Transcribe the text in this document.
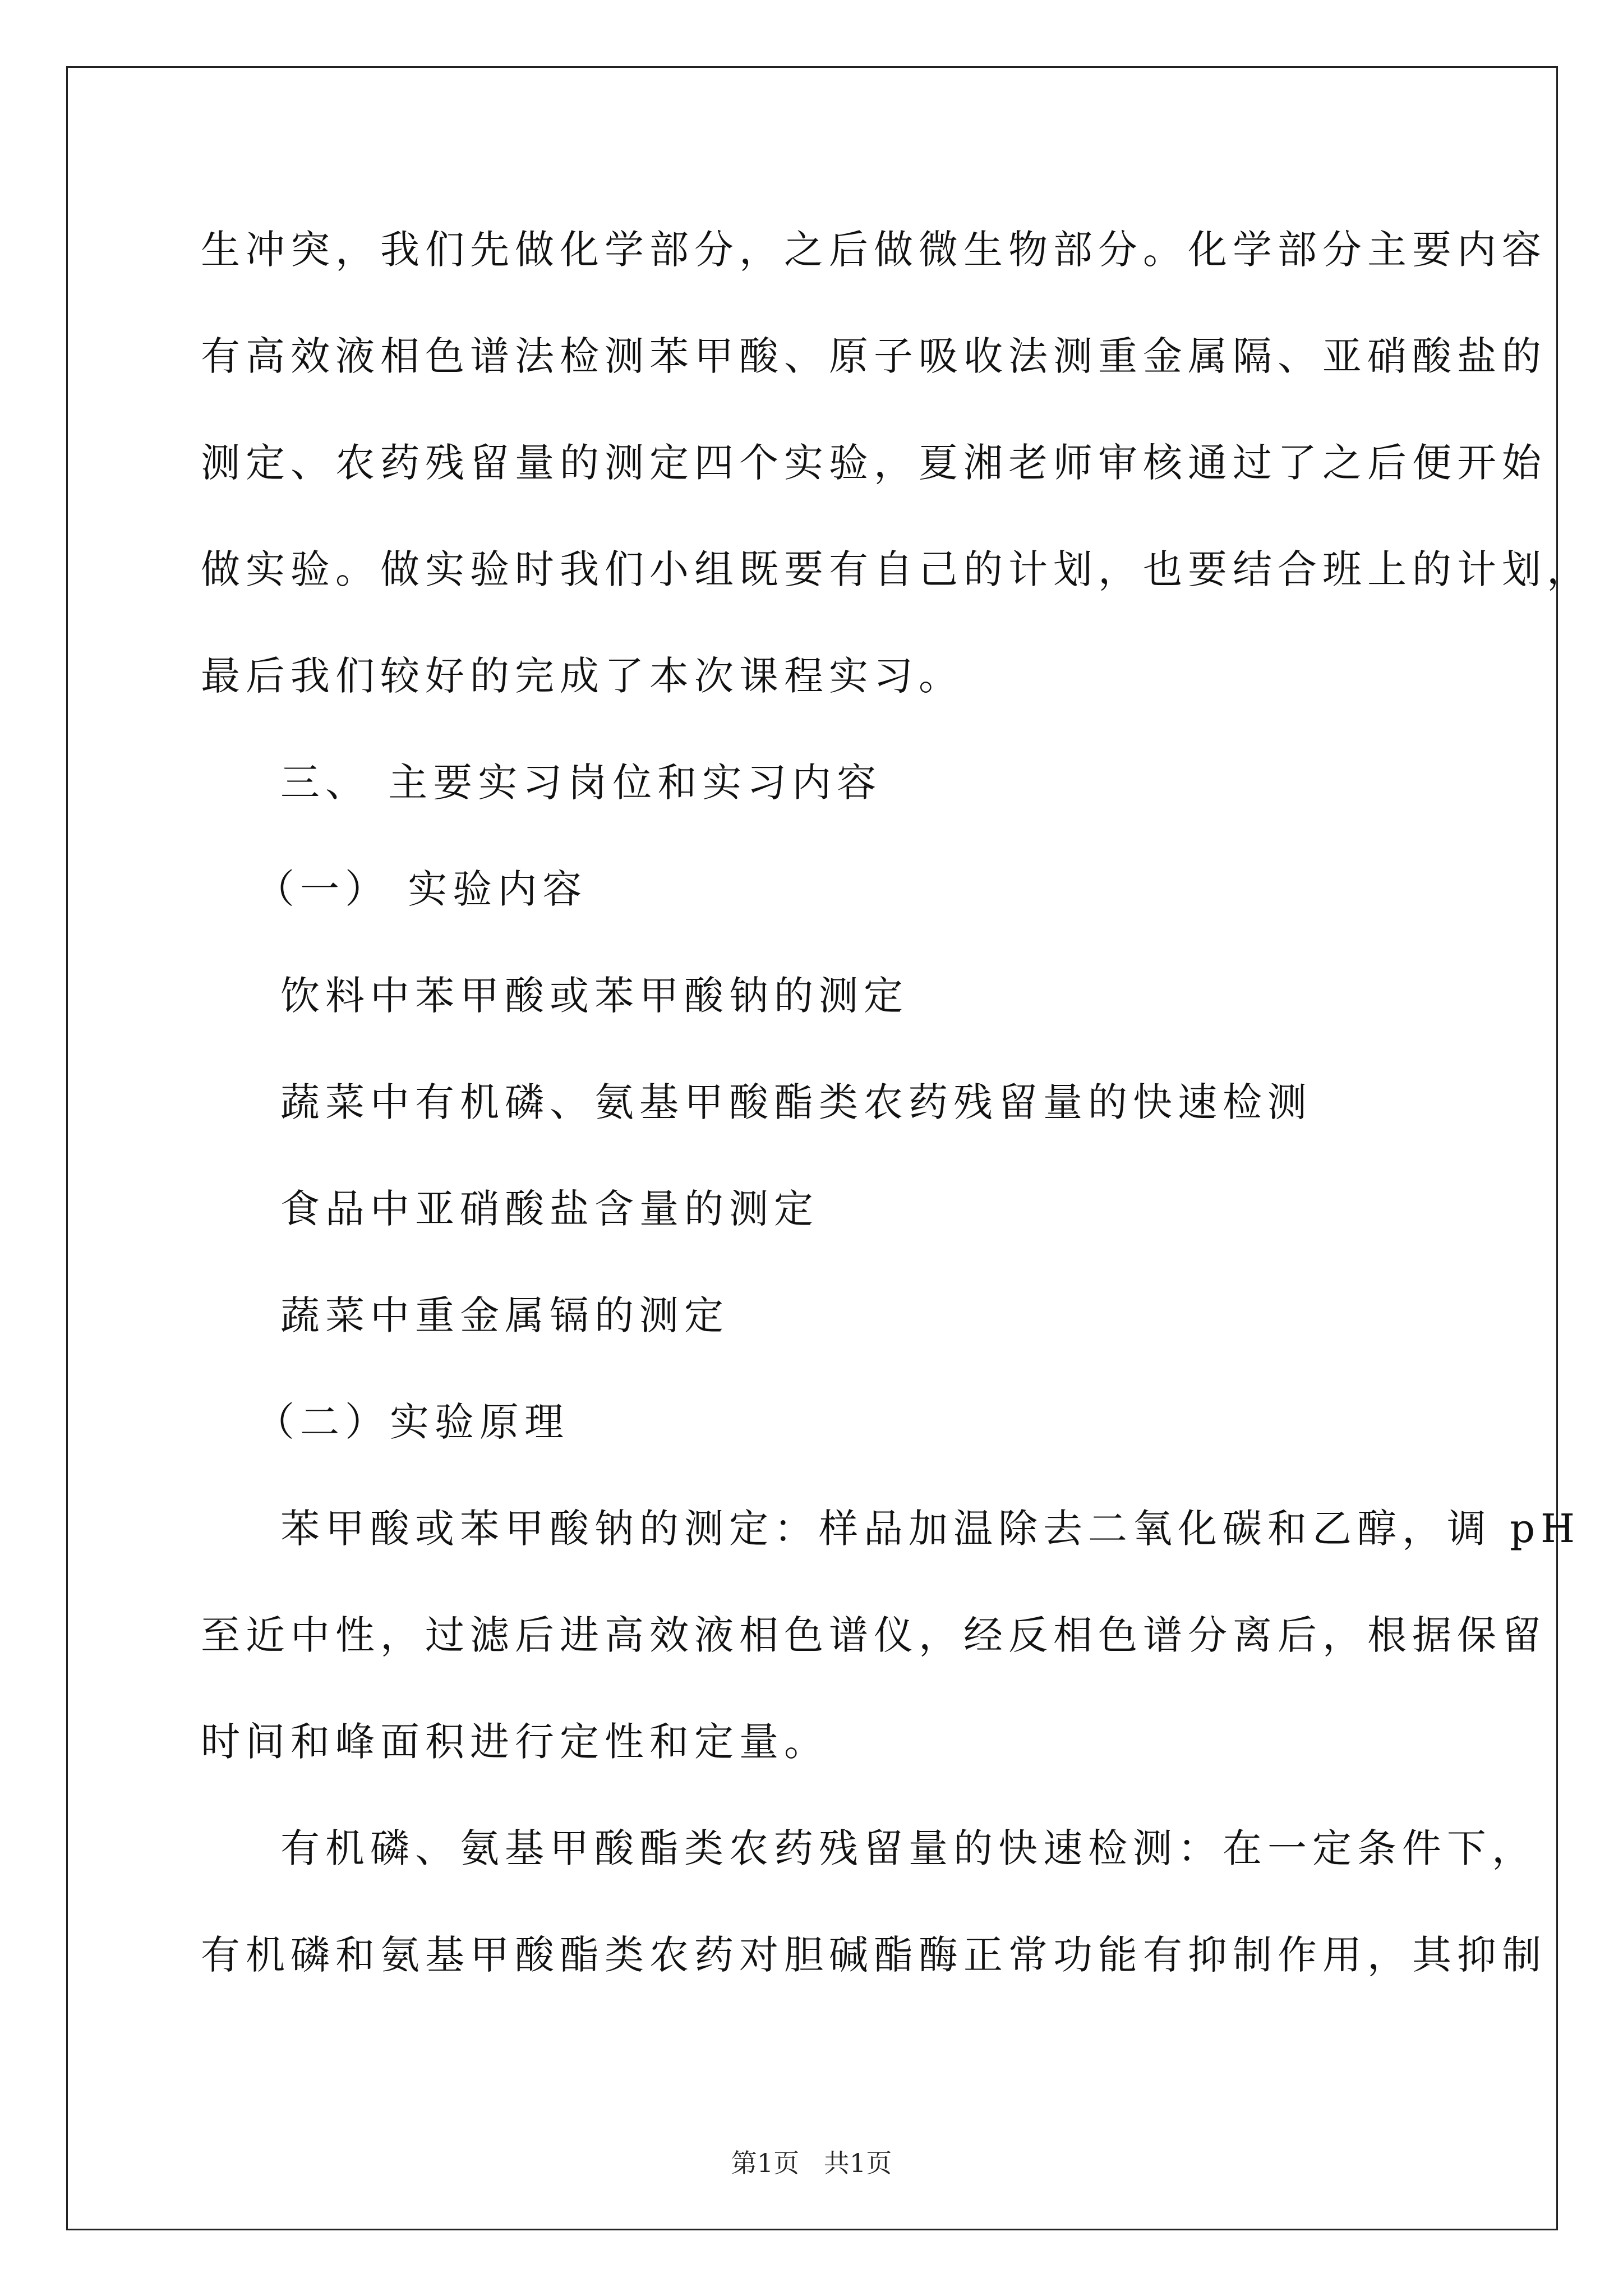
生冲突，我们先做化学部分，之后做微生物部分。化学部分主要内容
有高效液相色谱法检测苯甲酸、原子吸收法测重金属隔、亚硝酸盐的
测定、农药残留量的测定四个实验，夏湘老师审核通过了之后便开始
做实验。做实验时我们小组既要有自己的计划，也要结合班上的计划，
最后我们较好的完成了本次课程实习。
三、 主要实习岗位和实习内容
（一） 实验内容
饮料中苯甲酸或苯甲酸钠的测定
蔬菜中有机磷、氨基甲酸酯类农药残留量的快速检测
食品中亚硝酸盐含量的测定
蔬菜中重金属镉的测定
（二）实验原理
苯甲酸或苯甲酸钠的测定：样品加温除去二氧化碳和乙醇，调 pH
至近中性，过滤后进高效液相色谱仪，经反相色谱分离后，根据保留
时间和峰面积进行定性和定量。
有机磷、氨基甲酸酯类农药残留量的快速检测：在一定条件下，
有机磷和氨基甲酸酯类农药对胆碱酯酶正常功能有抑制作用，其抑制
第1页   共1页
